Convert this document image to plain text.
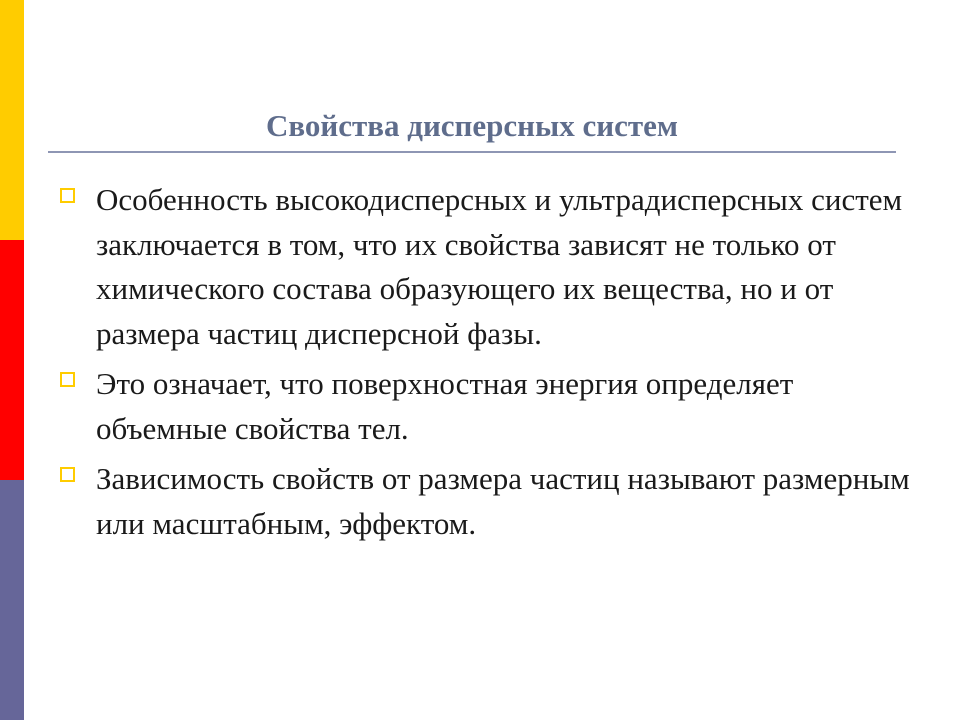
Свойства дисперсных систем
Особенность высокодисперсных и ультрадисперсных систем заключается в том, что их свойства зависят не только от химического состава образующего их вещества, но и от размера частиц дисперсной фазы.
Это означает, что поверхностная энергия определяет объемные свойства тел.
Зависимость свойств от размера частиц называют размерным или масштабным, эффектом.
